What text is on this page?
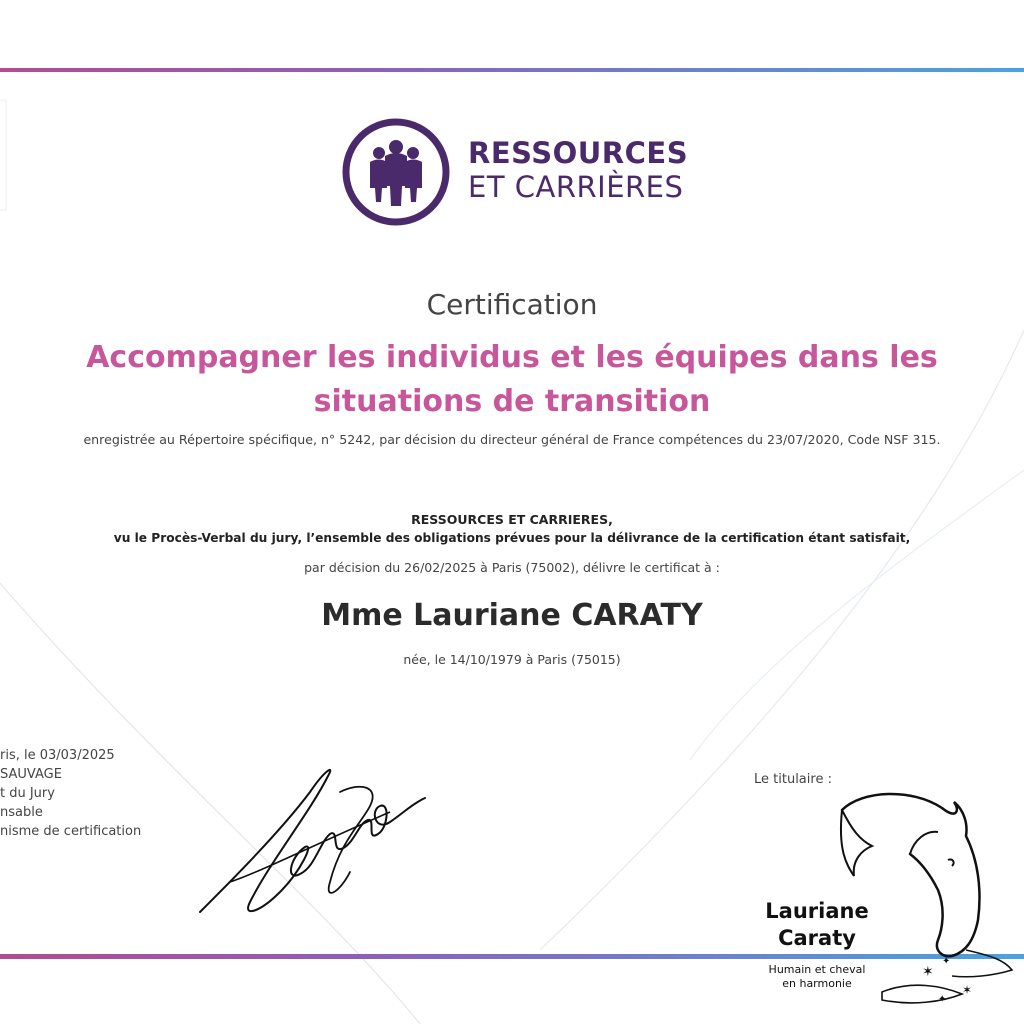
RESSOURCES
ET CARRIÈRES
Certification
Accompagner les individus et les équipes dans les situations de transition
enregistrée au Répertoire spécifique, n° 5242, par décision du directeur général de France compétences du 23/07/2020, Code NSF 315.
RESSOURCES ET CARRIERES,
vu le Procès-Verbal du jury, l’ensemble des obligations prévues pour la délivrance de la certification étant satisfait,
par décision du 26/02/2025 à Paris (75002), délivre le certificat à :
Mme Lauriane CARATY
née, le 14/10/1979 à Paris (75015)
ris, le 03/03/2025
SAUVAGE
t du Jury
nsable
nisme de certification
Le titulaire :
✶
✦
✶
✦
Lauriane
Caraty
Humain et cheval
en harmonie
